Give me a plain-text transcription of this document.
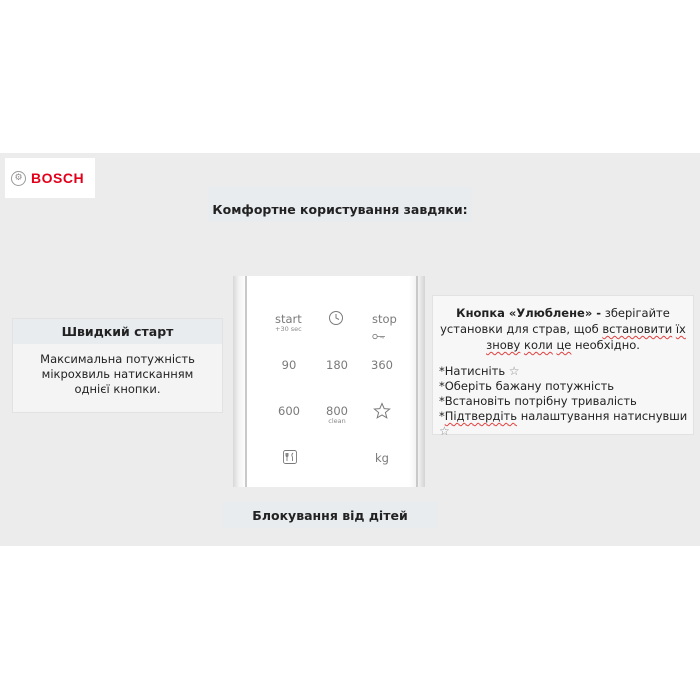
⚙ BOSCH
Комфортне користування завдяки:
Швидкий старт
Максимальна потужність мікрохвиль натисканням однієї кнопки.
start
+30 sec
stop
90	180 360
600 800
clean
kg
Блокування від дітей
Кнопка «Улюблене» - зберігайте
установки для страв, щоб встановити їх
знову коли це необхідно.
*Натисніть ☆
*Оберіть бажану потужність
*Встановіть потрібну тривалість
*Підтвердіть налаштування натиснувши ☆
